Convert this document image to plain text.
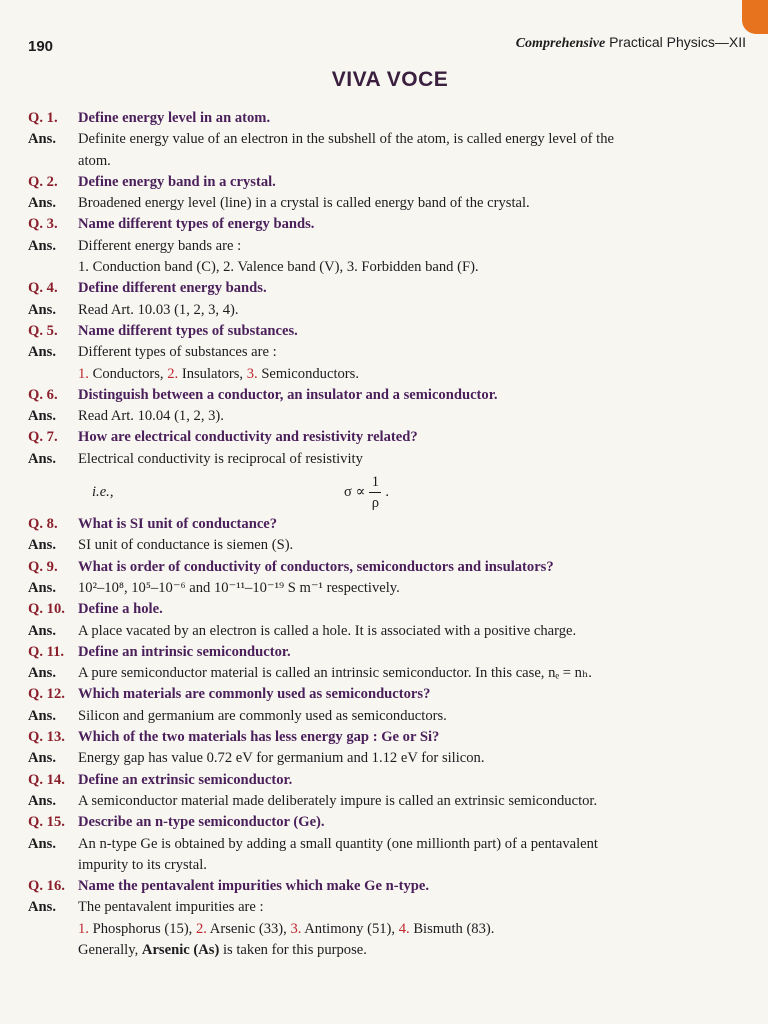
190	Comprehensive Practical Physics—XII
VIVA VOCE
Q. 1.	Define energy level in an atom.
Ans.	Definite energy value of an electron in the subshell of the atom, is called energy level of the
atom.
Q. 2.	Define energy band in a crystal.
Ans.	Broadened energy level (line) in a crystal is called energy band of the crystal.
Q. 3.	Name different types of energy bands.
Ans.	Different energy bands are :
1. Conduction band (C), 2. Valence band (V), 3. Forbidden band (F).
Q. 4.	Define different energy bands.
Ans.	Read Art. 10.03 (1, 2, 3, 4).
Q. 5.	Name different types of substances.
Ans.	Different types of substances are :
1. Conductors, 2. Insulators, 3. Semiconductors.
Q. 6.	Distinguish between a conductor, an insulator and a semiconductor.
Ans.	Read Art. 10.04 (1, 2, 3).
Q. 7.	How are electrical conductivity and resistivity related?
Ans.	Electrical conductivity is reciprocal of resistivity
i.e.,	$\sigma \propto \frac{1}{\rho}$ .
Q. 8.	What is SI unit of conductance?
Ans.	SI unit of conductance is siemen (S).
Q. 9.	What is order of conductivity of conductors, semiconductors and insulators?
Ans.	10²–10⁸, 10⁵–10⁻⁶ and 10⁻¹¹–10⁻¹⁹ S m⁻¹ respectively.
Q. 10. Define a hole.
Ans.	A place vacated by an electron is called a hole. It is associated with a positive charge.
Q. 11. Define an intrinsic semiconductor.
Ans.	A pure semiconductor material is called an intrinsic semiconductor. In this case, nₑ = nₕ.
Q. 12. Which materials are commonly used as semiconductors?
Ans.	Silicon and germanium are commonly used as semiconductors.
Q. 13. Which of the two materials has less energy gap : Ge or Si?
Ans.	Energy gap has value 0.72 eV for germanium and 1.12 eV for silicon.
Q. 14. Define an extrinsic semiconductor.
Ans.	A semiconductor material made deliberately impure is called an extrinsic semiconductor.
Q. 15. Describe an n-type semiconductor (Ge).
Ans.	An n-type Ge is obtained by adding a small quantity (one millionth part) of a pentavalent
impurity to its crystal.
Q. 16. Name the pentavalent impurities which make Ge n-type.
Ans.	The pentavalent impurities are :
1. Phosphorus (15), 2. Arsenic (33), 3. Antimony (51), 4. Bismuth (83).
Generally, Arsenic (As) is taken for this purpose.
